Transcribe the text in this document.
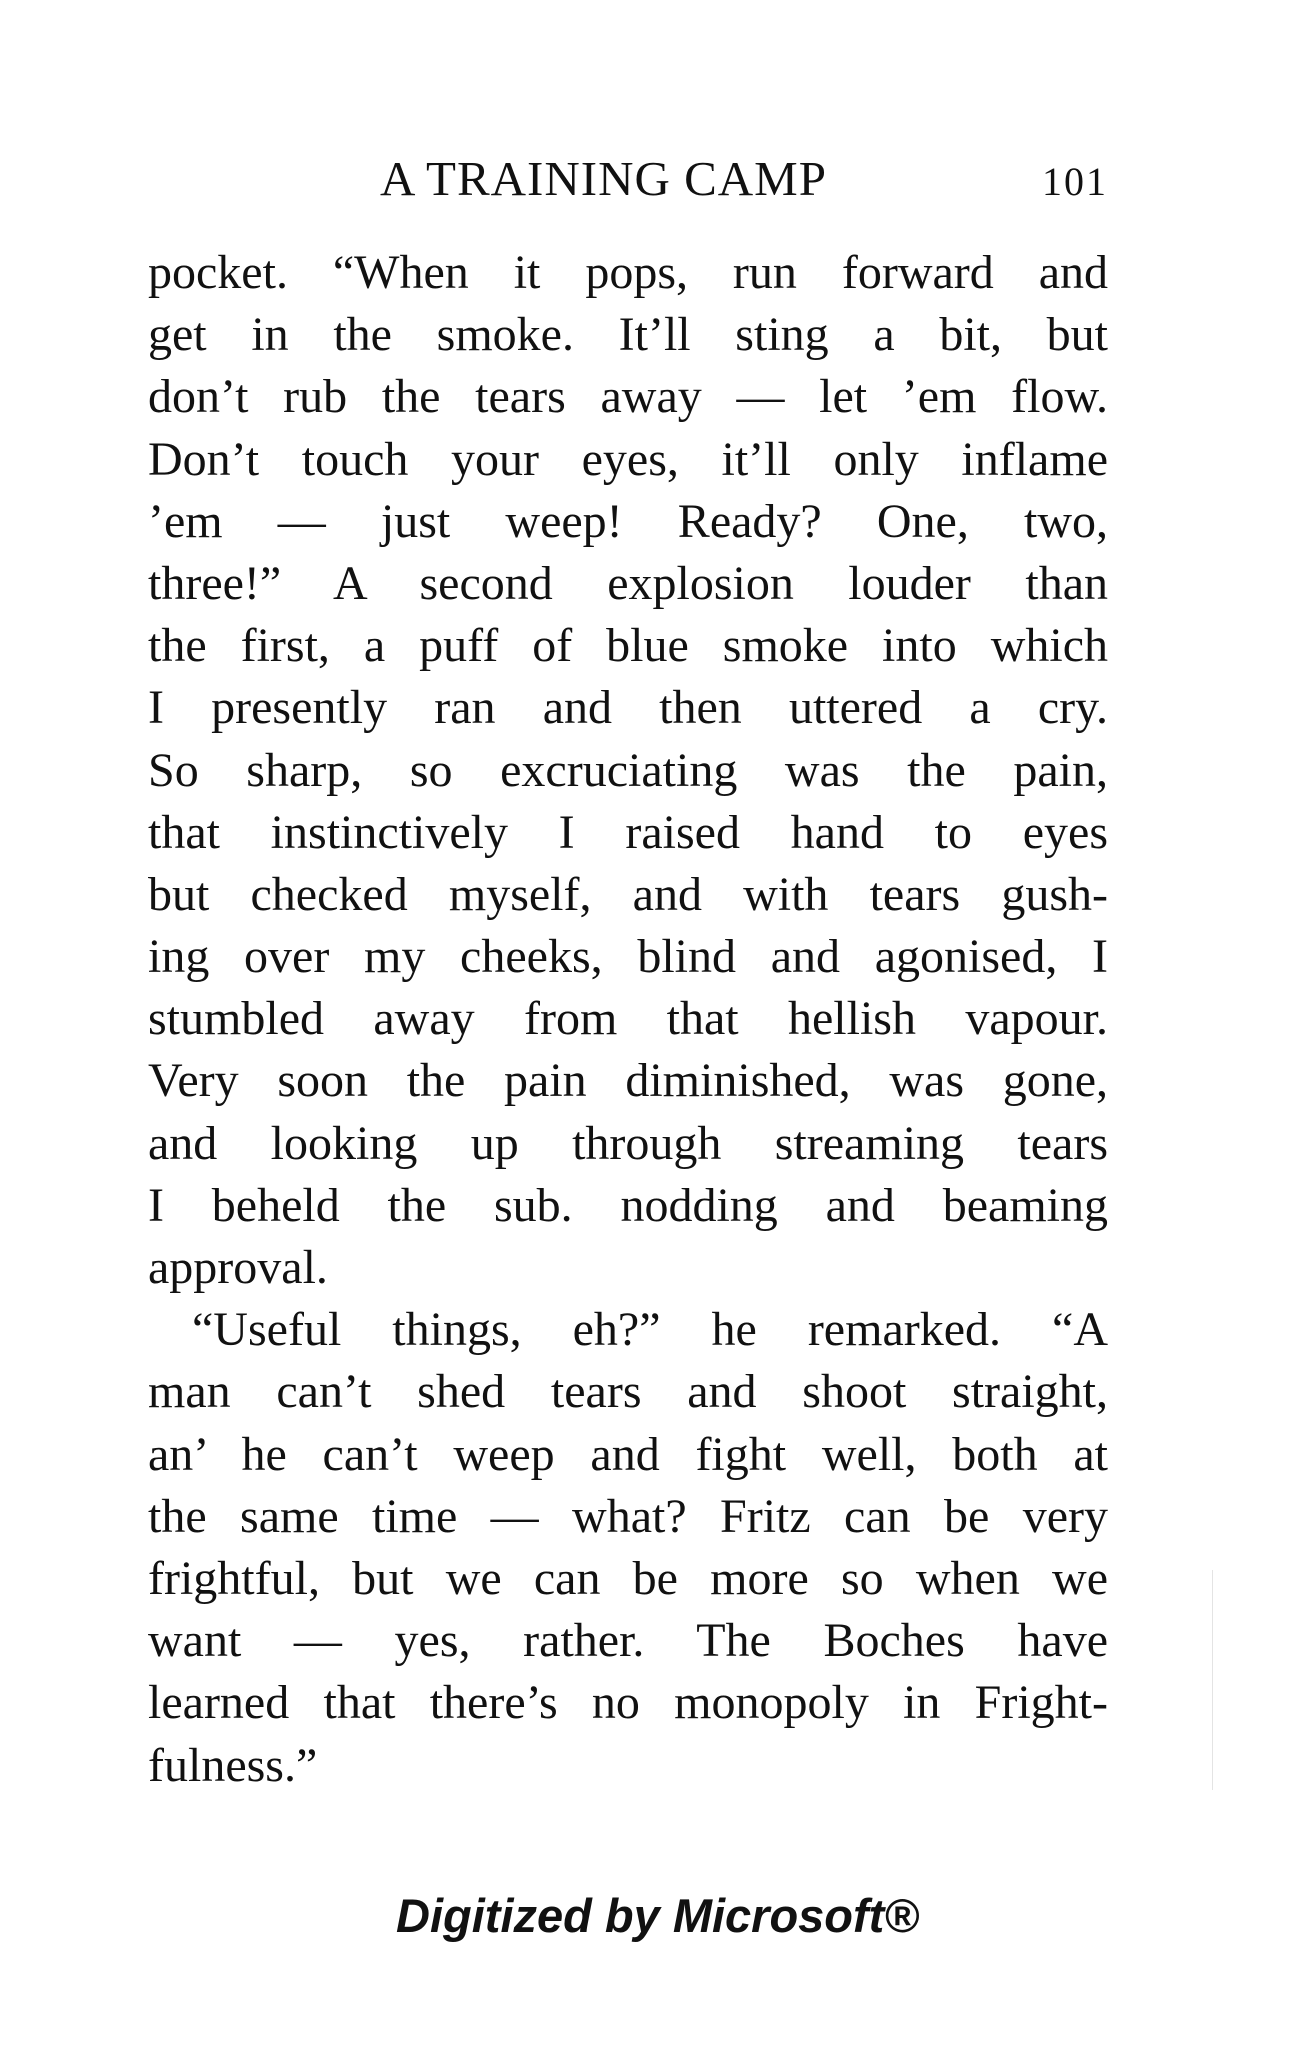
A TRAINING CAMP	101
pocket. “When it pops, run forward and
get in the smoke. It’ll sting a bit, but
don’t rub the tears away — let ’em flow.
Don’t touch your eyes, it’ll only inflame
’em — just weep! Ready? One, two,
three!” A second explosion louder than
the first, a puff of blue smoke into which
I presently ran and then uttered a cry.
So sharp, so excruciating was the pain,
that instinctively I raised hand to eyes
but checked myself, and with tears gush-
ing over my cheeks, blind and agonised, I
stumbled away from that hellish vapour.
Very soon the pain diminished, was gone,
and looking up through streaming tears
I beheld the sub. nodding and beaming
approval.
“Useful things, eh?” he remarked. “A
man can’t shed tears and shoot straight,
an’ he can’t weep and fight well, both at
the same time — what? Fritz can be very
frightful, but we can be more so when we
want — yes, rather. The Boches have
learned that there’s no monopoly in Fright-
fulness.”
Digitized by Microsoft®
